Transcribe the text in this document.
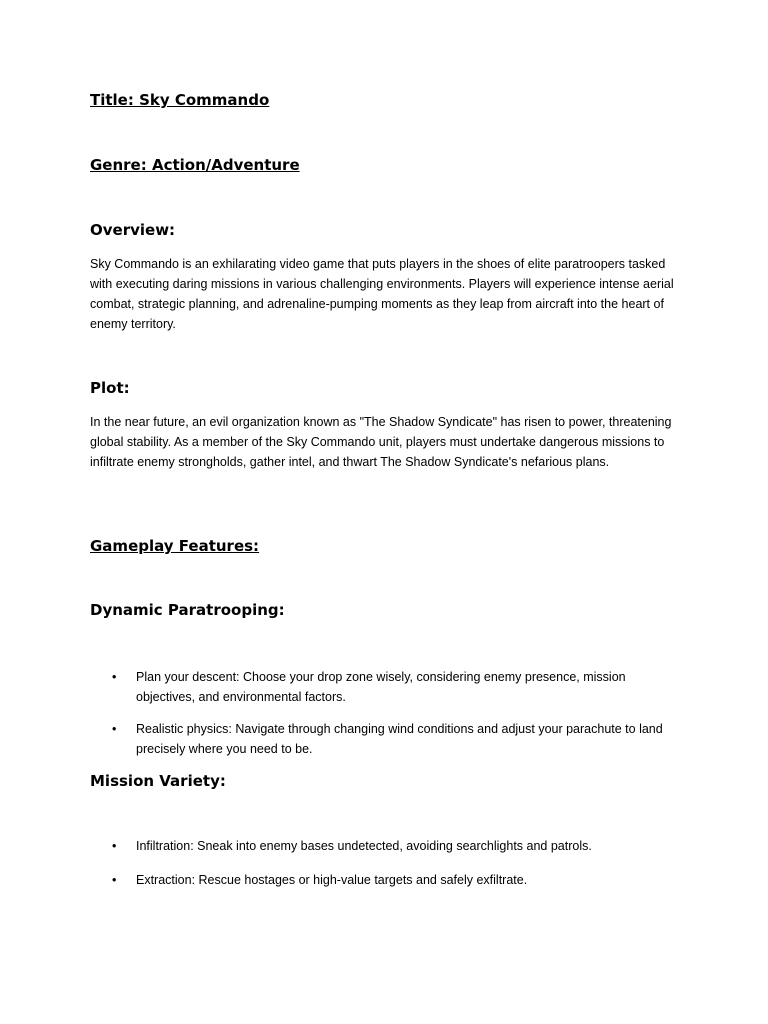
Title: Sky Commando

Genre: Action/Adventure

Overview:

Sky Commando is an exhilarating video game that puts players in the shoes of elite paratroopers tasked with executing daring missions in various challenging environments. Players will experience intense aerial combat, strategic planning, and adrenaline-pumping moments as they leap from aircraft into the heart of enemy territory.

Plot:

In the near future, an evil organization known as "The Shadow Syndicate" has risen to power, threatening global stability. As a member of the Sky Commando unit, players must undertake dangerous missions to infiltrate enemy strongholds, gather intel, and thwart The Shadow Syndicate's nefarious plans.

Gameplay Features:

Dynamic Paratrooping:

•	Plan your descent: Choose your drop zone wisely, considering enemy presence, mission objectives, and environmental factors.
•	Realistic physics: Navigate through changing wind conditions and adjust your parachute to land precisely where you need to be.

Mission Variety:

•	Infiltration: Sneak into enemy bases undetected, avoiding searchlights and patrols.
•	Extraction: Rescue hostages or high-value targets and safely exfiltrate.
